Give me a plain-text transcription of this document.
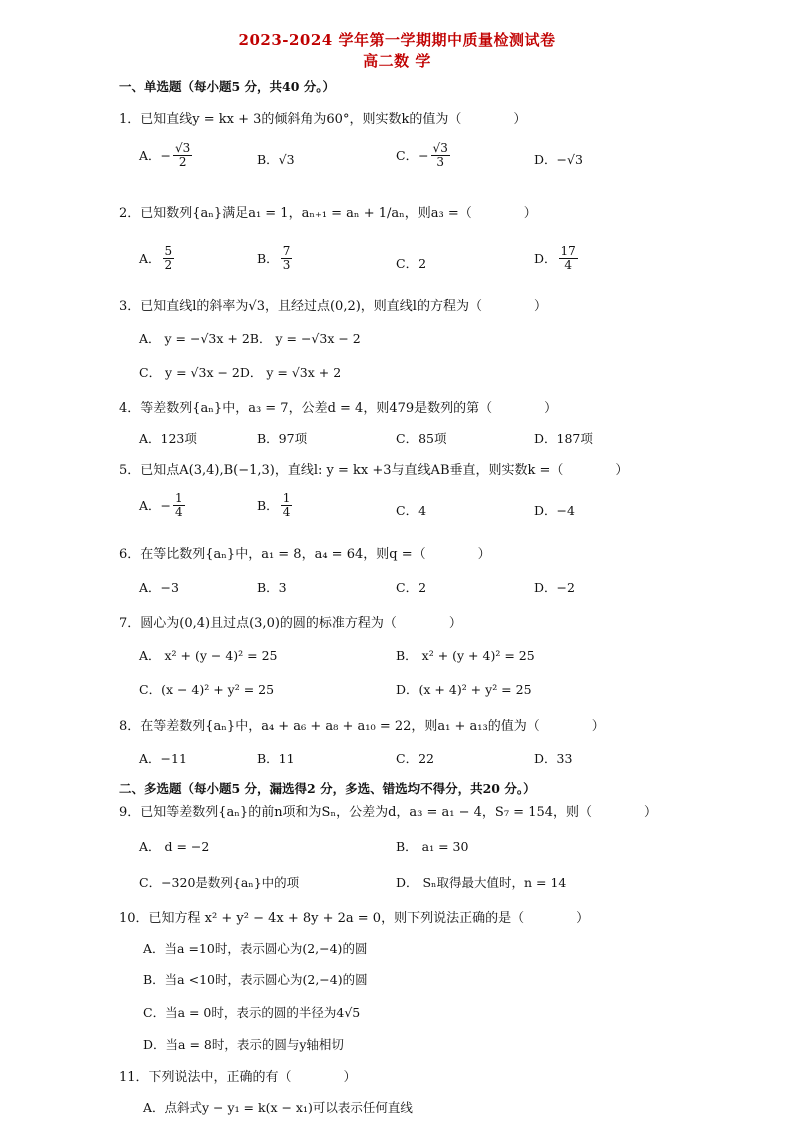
2023-2024 学年第一学期期中质量检测试卷
高二数 学
一、单选题（每小题5 分，共40 分。）
1．已知直线y = kx + 3的倾斜角为60°，则实数k的值为（　　　　）
A．− $\frac{√3}{2}$	B．√3	C．− $\frac{√3}{3}$	D．−√3
2．已知数列{aₙ}满足a₁ = 1，aₙ₊₁ = aₙ + 1/aₙ，则a₃ =（　　　　）
A． $\frac{5}{2}$	B． $\frac{7}{3}$	C．2	D． $\frac{17}{4}$
3．已知直线l的斜率为√3，且经过点(0,2)，则直线l的方程为（　　　　）
A． y = −√3x + 2B． y = −√3x − 2
C． y = √3x − 2D． y = √3x + 2
4．等差数列{aₙ}中，a₃ = 7，公差d = 4，则479是数列的第（　　　　）
A．123项	B．97项	C．85项	D．187项
5．已知点A(3,4),B(−1,3)，直线l: y = kx +3与直线AB垂直，则实数k =（　　　　）
A．− $\frac{1}{4}$	B． $\frac{1}{4}$	C．4	D．−4
6．在等比数列{aₙ}中，a₁ = 8，a₄ = 64，则q =（　　　　）
A．−3	B．3	C．2	D．−2
7．圆心为(0,4)且过点(3,0)的圆的标准方程为（　　　　）
A． x² + (y − 4)² = 25	B． x² + (y + 4)² = 25
C．(x − 4)² + y² = 25	D．(x + 4)² + y² = 25
8．在等差数列{aₙ}中，a₄ + a₆ + a₈ + a₁₀ = 22，则a₁ + a₁₃的值为（　　　　）
A．−11	B．11	C．22	D．33
二、多选题（每小题5 分，漏选得2 分，多选、错选均不得分，共20 分。）
9．已知等差数列{aₙ}的前n项和为Sₙ，公差为d，a₃ = a₁ − 4，S₇ = 154，则（　　　　）
A． d = −2	B． a₁ = 30
C．−320是数列{aₙ}中的项	D． Sₙ取得最大值时，n = 14
10．已知方程 x² + y² − 4x + 8y + 2a = 0，则下列说法正确的是（　　　　）
A．当a =10时，表示圆心为(2,−4)的圆
B．当a <10时，表示圆心为(2,−4)的圆
C．当a = 0时，表示的圆的半径为4√5
D．当a = 8时，表示的圆与y轴相切
11．下列说法中，正确的有（　　　　）
A．点斜式y − y₁ = k(x − x₁)可以表示任何直线
